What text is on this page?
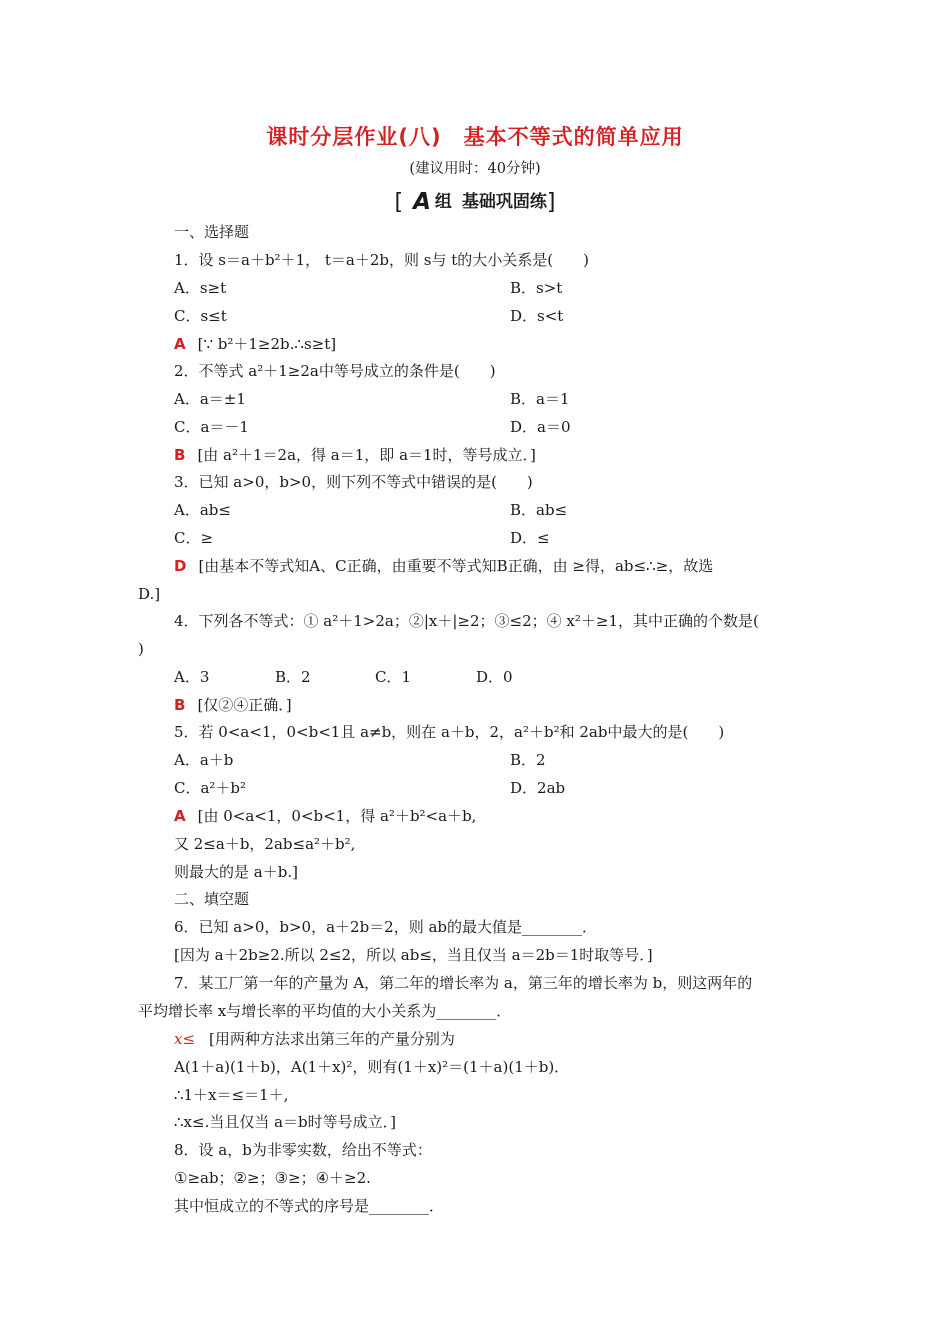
课时分层作业(八)　基本不等式的简单应用
(建议用时：40分钟)
[ A 组 基础巩固练]
一、选择题
1．设 s＝a＋b²＋1， t＝a＋2b，则 s与 t的大小关系是(　　)
A．s≥t	B．s>t
C．s≤t	D．s<t
A [∵ b²＋1≥2b.∴s≥t]
2．不等式 a²＋1≥2a中等号成立的条件是(　　)
A．a＝±1	B．a＝1
C．a＝－1	D．a＝0
B [由 a²＋1＝2a，得 a＝1，即 a＝1时，等号成立．]
3．已知 a>0，b>0，则下列不等式中错误的是(　　)
A．ab≤	B．ab≤
C．≥	D．≤
D [由基本不等式知A、C正确，由重要不等式知B正确，由 ≥得，ab≤∴≥，故选
D.]
4．下列各不等式：① a²＋1>2a；②|x＋|≥2；③≤2；④ x²＋≥1，其中正确的个数是(
)
A．3	B．2	C．1	D．0
B [仅②④正确．]
5．若 0<a<1，0<b<1且 a≠b，则在 a＋b，2，a²＋b²和 2ab中最大的是(　　)
A．a＋b	B．2
C．a²＋b²	D．2ab
A [由 0<a<1，0<b<1，得 a²＋b²<a＋b,
又 2≤a＋b，2ab≤a²＋b²,
则最大的是 a＋b.]
二、填空题
6．已知 a>0，b>0，a＋2b＝2，则 ab的最大值是________．
[因为 a＋2b≥2.所以 2≤2，所以 ab≤，当且仅当 a＝2b＝1时取等号．]
7．某工厂第一年的产量为 A，第二年的增长率为 a，第三年的增长率为 b，则这两年的
平均增长率 x与增长率的平均值的大小关系为________．
x≤ [用两种方法求出第三年的产量分别为
A(1＋a)(1＋b)，A(1＋x)²，则有(1＋x)²＝(1＋a)(1＋b)．
∴1＋x＝≤＝1＋,
∴x≤.当且仅当 a＝b时等号成立．]
8．设 a，b为非零实数，给出不等式：
①≥ab；②≥；③≥；④＋≥2.
其中恒成立的不等式的序号是________．
